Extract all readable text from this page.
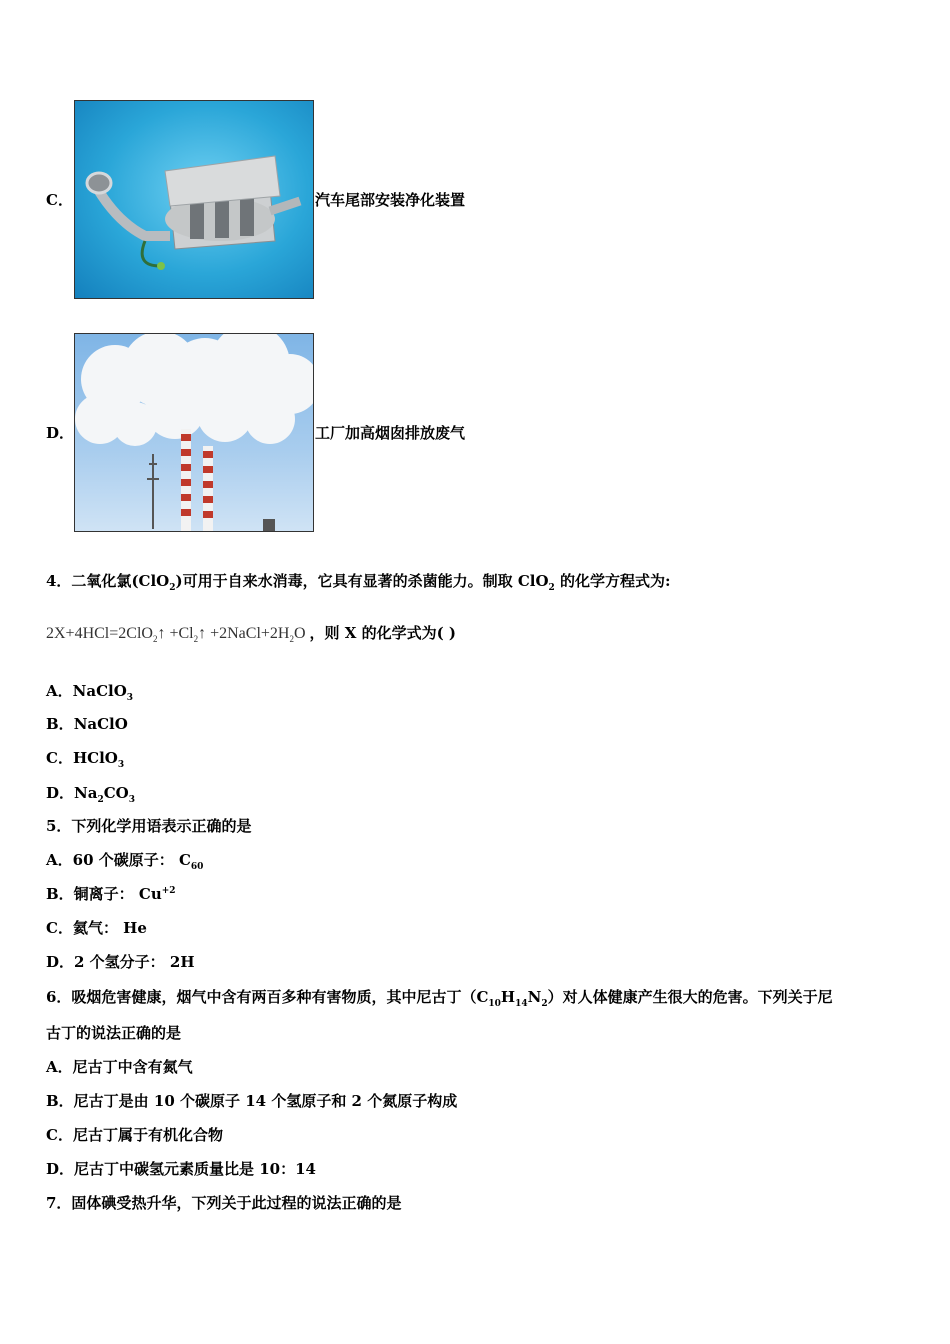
C．	汽车尾部安装净化装置
D．	工厂加高烟囱排放废气
4．二氧化氯(ClO$_2$)可用于自来水消毒，它具有显著的杀菌能力。制取 ClO$_2$ 的化学方程式为:
2X+4HCl=2ClO$_2$↑ $+Cl_2↑$ $+2NaCl+2H_2O$ ，则 X 的化学式为( )
A．NaClO$_3$
B．NaClO
C．HClO$_3$
D．$Na_2CO_3$
5．下列化学用语表示正确的是
A．60 个碳原子： $C_{60}$
B．铜离子： $Cu^{+2}$
C．氦气： He
D．2 个氢分子： 2H
6．吸烟危害健康，烟气中含有两百多种有害物质，其中尼古丁$(C_{10}H_{14}N_2)$对人体健康产生很大的危害。下列关于尼
古丁的说法正确的是
A．尼古丁中含有氮气
B．尼古丁是由 10 个碳原子 14 个氢原子和 2 个氮原子构成
C．尼古丁属于有机化合物
D．尼古丁中碳氢元素质量比是 10：14
7．固体碘受热升华，下列关于此过程的说法正确的是
